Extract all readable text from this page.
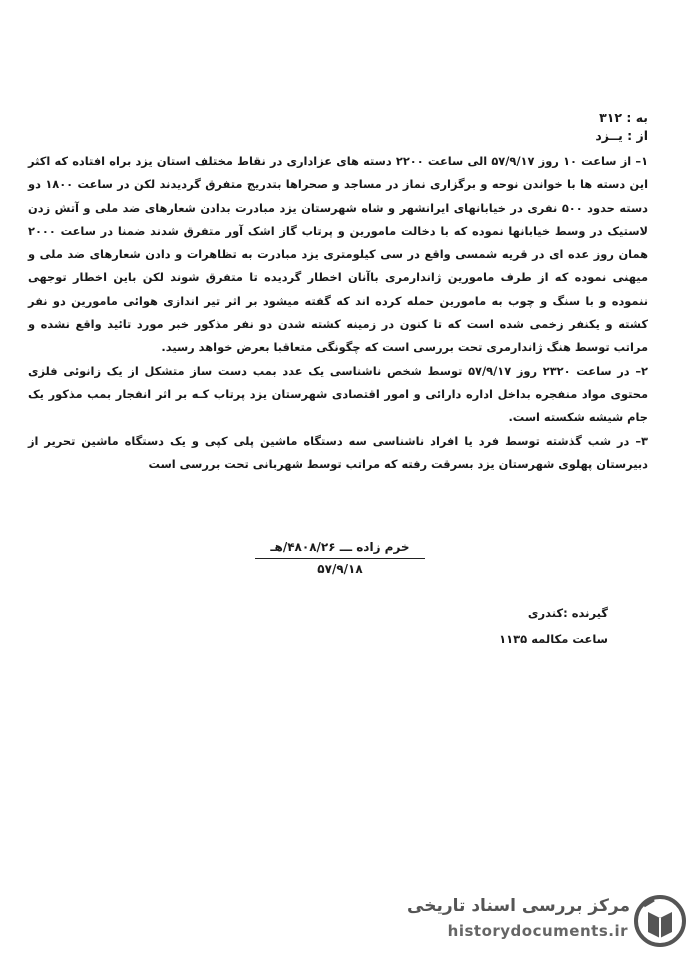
به : ۳۱۲
از : یــزد

۱– از ساعت ۱۰ روز ۵۷/۹/۱۷ الی ساعت ۲۲۰۰ دسته های عزاداری در نقاط مختلف استان یزد براه افتاده که اکثر این دسته ها با خواندن نوحه و برگزاری نماز در مساجد و صحراها بتدریج متفرق گردیدند لکن در ساعت ۱۸۰۰ دو دسته حدود ۵۰۰ نفری در خیابانهای ایرانشهر و شاه شهرستان یزد مبادرت بدادن شعارهای ضد ملی و آتش زدن لاستیک در وسط خیابانها نموده که با دخالت مامورین و پرتاب گاز اشک آور متفرق شدند ضمنا در ساعت ۲۰۰۰ همان روز عده ای در قریه شمسی واقع در سی کیلومتری یزد مبادرت به تظاهرات و دادن شعارهای ضد ملی و میهنی نموده که از طرف مامورین ژاندارمری باآنان اخطار گردیده تا متفرق شوند لکن باین اخطار توجهی ننموده و با سنگ و چوب به مامورین حمله کرده اند که گفته میشود بر اثر تیر اندازی هوائی مامورین دو نفر کشته و یکنفر زخمی شده است که تا کنون در زمینه کشته شدن دو نفر مذکور خبر مورد تائید واقع نشده و مراتب توسط هنگ ژاندارمری تحت بررسی است که چگونگی متعاقبا بعرض خواهد رسید.

۲– در ساعت ۲۳۲۰ روز ۵۷/۹/۱۷ توسط شخص ناشناسی یک عدد بمب دست ساز متشکل از یک زانوئی فلزی محتوی مواد منفجره بداخل اداره دارائی و امور اقتصادی شهرستان یزد پرتاب کـه بر اثر انفجار بمب مذکور یک جام شیشه شکسته است.

۳– در شب گذشته توسط فرد یا افراد ناشناسی سه دستگاه ماشین پلی کپی و یک دستگاه ماشین تحریر از دبیرستان پهلوی شهرستان یزد بسرقت رفته که مراتب توسط شهربانی تحت بررسی است

خرم زاده ـــ ۴۸۰۸/۲۶/هـ
۵۷/۹/۱۸
گیرنده :کندری
ساعت مکالمه ۱۱۳۵
مرکز بررسی اسناد تاریخی
historydocuments.ir
